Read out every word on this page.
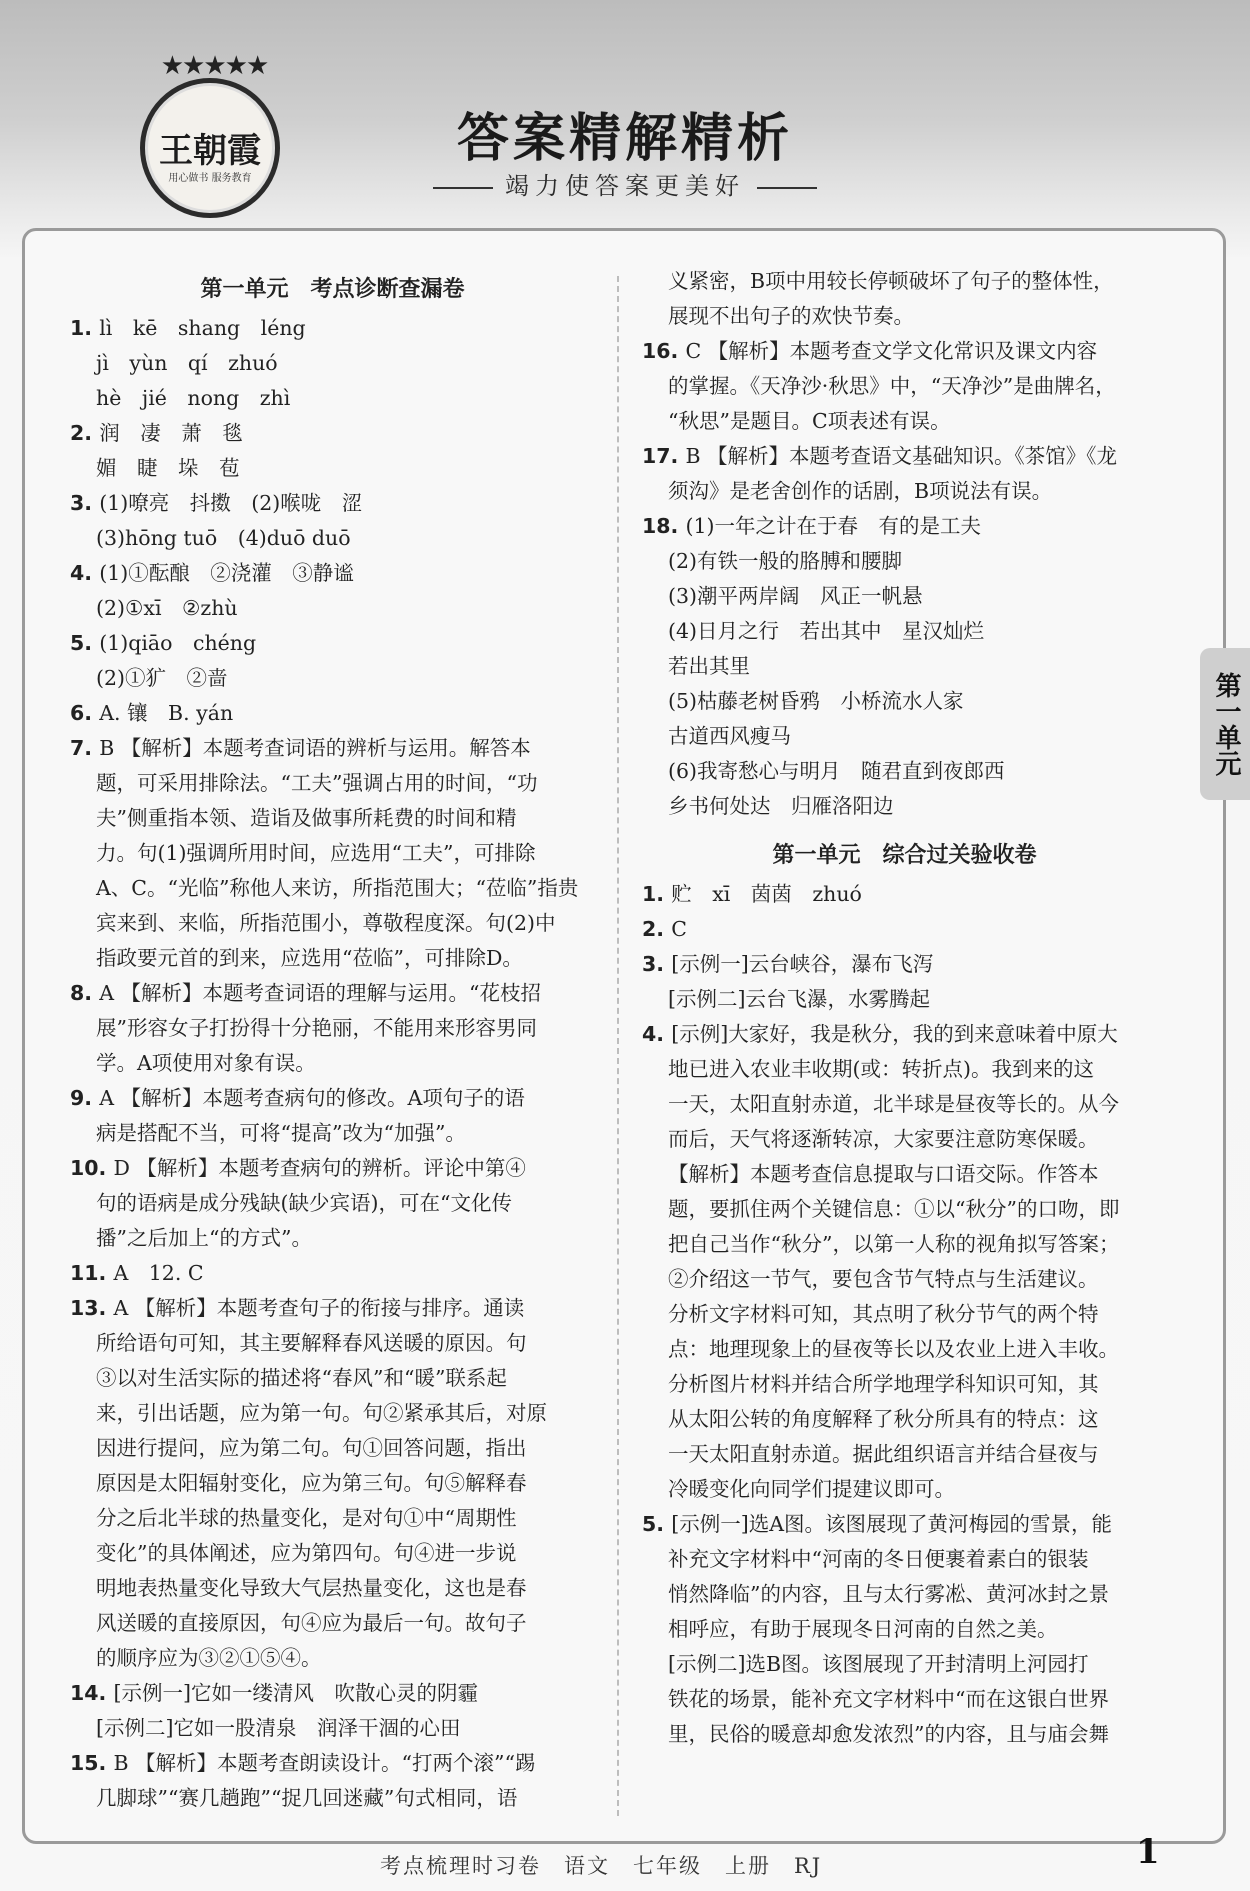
★★★★★
王朝霞
用心做书 服务教育
答案精解精析
竭力使答案更美好
第一单元　考点诊断查漏卷
1. lì　kē　shang　léng
jì　yùn　qí　zhuó
hè　jié　nong　zhì
2. 润　凄　萧　毯
媚　睫　垛　苞
3. (1)嘹亮　抖擞　(2)喉咙　涩
(3)hōng tuō　(4)duō duō
4. (1)①酝酿　②浇灌　③静谧
(2)①xī　②zhù
5. (1)qiāo　chéng
(2)①犷　②啬
6. A. 镶　B. yán
7. B 【解析】本题考查词语的辨析与运用。解答本
题，可采用排除法。“工夫”强调占用的时间，“功
夫”侧重指本领、造诣及做事所耗费的时间和精
力。句(1)强调所用时间，应选用“工夫”，可排除
A、C。“光临”称他人来访，所指范围大；“莅临”指贵
宾来到、来临，所指范围小，尊敬程度深。句(2)中
指政要元首的到来，应选用“莅临”，可排除D。
8. A 【解析】本题考查词语的理解与运用。“花枝招
展”形容女子打扮得十分艳丽，不能用来形容男同
学。A项使用对象有误。
9. A 【解析】本题考查病句的修改。A项句子的语
病是搭配不当，可将“提高”改为“加强”。
10. D 【解析】本题考查病句的辨析。评论中第④
句的语病是成分残缺(缺少宾语)，可在“文化传
播”之后加上“的方式”。
11. A　12. C
13. A 【解析】本题考查句子的衔接与排序。通读
所给语句可知，其主要解释春风送暖的原因。句
③以对生活实际的描述将“春风”和“暖”联系起
来，引出话题，应为第一句。句②紧承其后，对原
因进行提问，应为第二句。句①回答问题，指出
原因是太阳辐射变化，应为第三句。句⑤解释春
分之后北半球的热量变化，是对句①中“周期性
变化”的具体阐述，应为第四句。句④进一步说
明地表热量变化导致大气层热量变化，这也是春
风送暖的直接原因，句④应为最后一句。故句子
的顺序应为③②①⑤④。
14. [示例一]它如一缕清风　吹散心灵的阴霾
[示例二]它如一股清泉　润泽干涸的心田
15. B 【解析】本题考查朗读设计。“打两个滚”“踢
几脚球”“赛几趟跑”“捉几回迷藏”句式相同，语
义紧密，B项中用较长停顿破坏了句子的整体性，
展现不出句子的欢快节奏。
16. C 【解析】本题考查文学文化常识及课文内容
的掌握。《天净沙·秋思》中，“天净沙”是曲牌名，
“秋思”是题目。C项表述有误。
17. B 【解析】本题考查语文基础知识。《茶馆》《龙
须沟》是老舍创作的话剧，B项说法有误。
18. (1)一年之计在于春　有的是工夫
(2)有铁一般的胳膊和腰脚
(3)潮平两岸阔　风正一帆悬
(4)日月之行　若出其中　星汉灿烂
若出其里
(5)枯藤老树昏鸦　小桥流水人家
古道西风瘦马
(6)我寄愁心与明月　随君直到夜郎西
乡书何处达　归雁洛阳边
第一单元　综合过关验收卷
1. 贮　xī　茵茵　zhuó
2. C
3. [示例一]云台峡谷，瀑布飞泻
[示例二]云台飞瀑，水雾腾起
4. [示例]大家好，我是秋分，我的到来意味着中原大
地已进入农业丰收期(或：转折点)。我到来的这
一天，太阳直射赤道，北半球是昼夜等长的。从今
而后，天气将逐渐转凉，大家要注意防寒保暖。
【解析】本题考查信息提取与口语交际。作答本
题，要抓住两个关键信息：①以“秋分”的口吻，即
把自己当作“秋分”，以第一人称的视角拟写答案；
②介绍这一节气，要包含节气特点与生活建议。
分析文字材料可知，其点明了秋分节气的两个特
点：地理现象上的昼夜等长以及农业上进入丰收。
分析图片材料并结合所学地理学科知识可知，其
从太阳公转的角度解释了秋分所具有的特点：这
一天太阳直射赤道。据此组织语言并结合昼夜与
冷暖变化向同学们提建议即可。
5. [示例一]选A图。该图展现了黄河梅园的雪景，能
补充文字材料中“河南的冬日便裹着素白的银装
悄然降临”的内容，且与太行雾凇、黄河冰封之景
相呼应，有助于展现冬日河南的自然之美。
[示例二]选B图。该图展现了开封清明上河园打
铁花的场景，能补充文字材料中“而在这银白世界
里，民俗的暖意却愈发浓烈”的内容，且与庙会舞
第一单元
考点梳理时习卷　语文　七年级　上册　RJ	1
